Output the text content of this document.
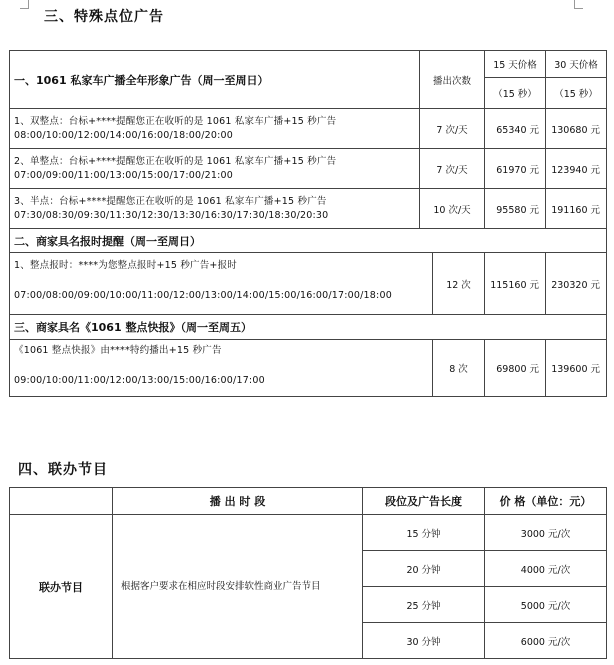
三、特殊点位广告
一、1061 私家车广播全年形象广告（周一至周日）	播出次数		15 天价格	30 天价格
			（15 秒）	（15 秒）

1、双整点：台标+****提醒您正在收听的是 1061 私家车广播+15 秒广告
08:00/10:00/12:00/14:00/16:00/18:00/20:00	7 次/天		65340 元	130680 元

2、单整点：台标+****提醒您正在收听的是 1061 私家车广播+15 秒广告
07:00/09:00/11:00/13:00/15:00/17:00/21:00	7 次/天		61970 元	123940 元

3、半点：台标+****提醒您正在收听的是 1061 私家车广播+15 秒广告
07:30/08:30/09:30/11:30/12:30/13:30/16:30/17:30/18:30/20:30	10 次/天		95580 元	191160 元
二、商家具名报时提醒（周一至周日）				

1、整点报时：****为您整点报时+15 秒广告+报时
07:00/08:00/09:00/10:00/11:00/12:00/13:00/14:00/15:00/16:00/17:00/18:00		12 次	115160 元	230320 元
三、商家具名《1061 整点快报》（周一至周五）				

《1061 整点快报》由****特约播出+15 秒广告
09:00/10:00/11:00/12:00/13:00/15:00/16:00/17:00		8 次	69800 元	139600 元
四、联办节目
	播 出 时 段	段位及广告长度	价 格（单位：元）
联办节目	根据客户要求在相应时段安排软性商业广告节目	15 分钟	3000 元/次
		20 分钟	4000 元/次
		25 分钟	5000 元/次
		30 分钟	6000 元/次
